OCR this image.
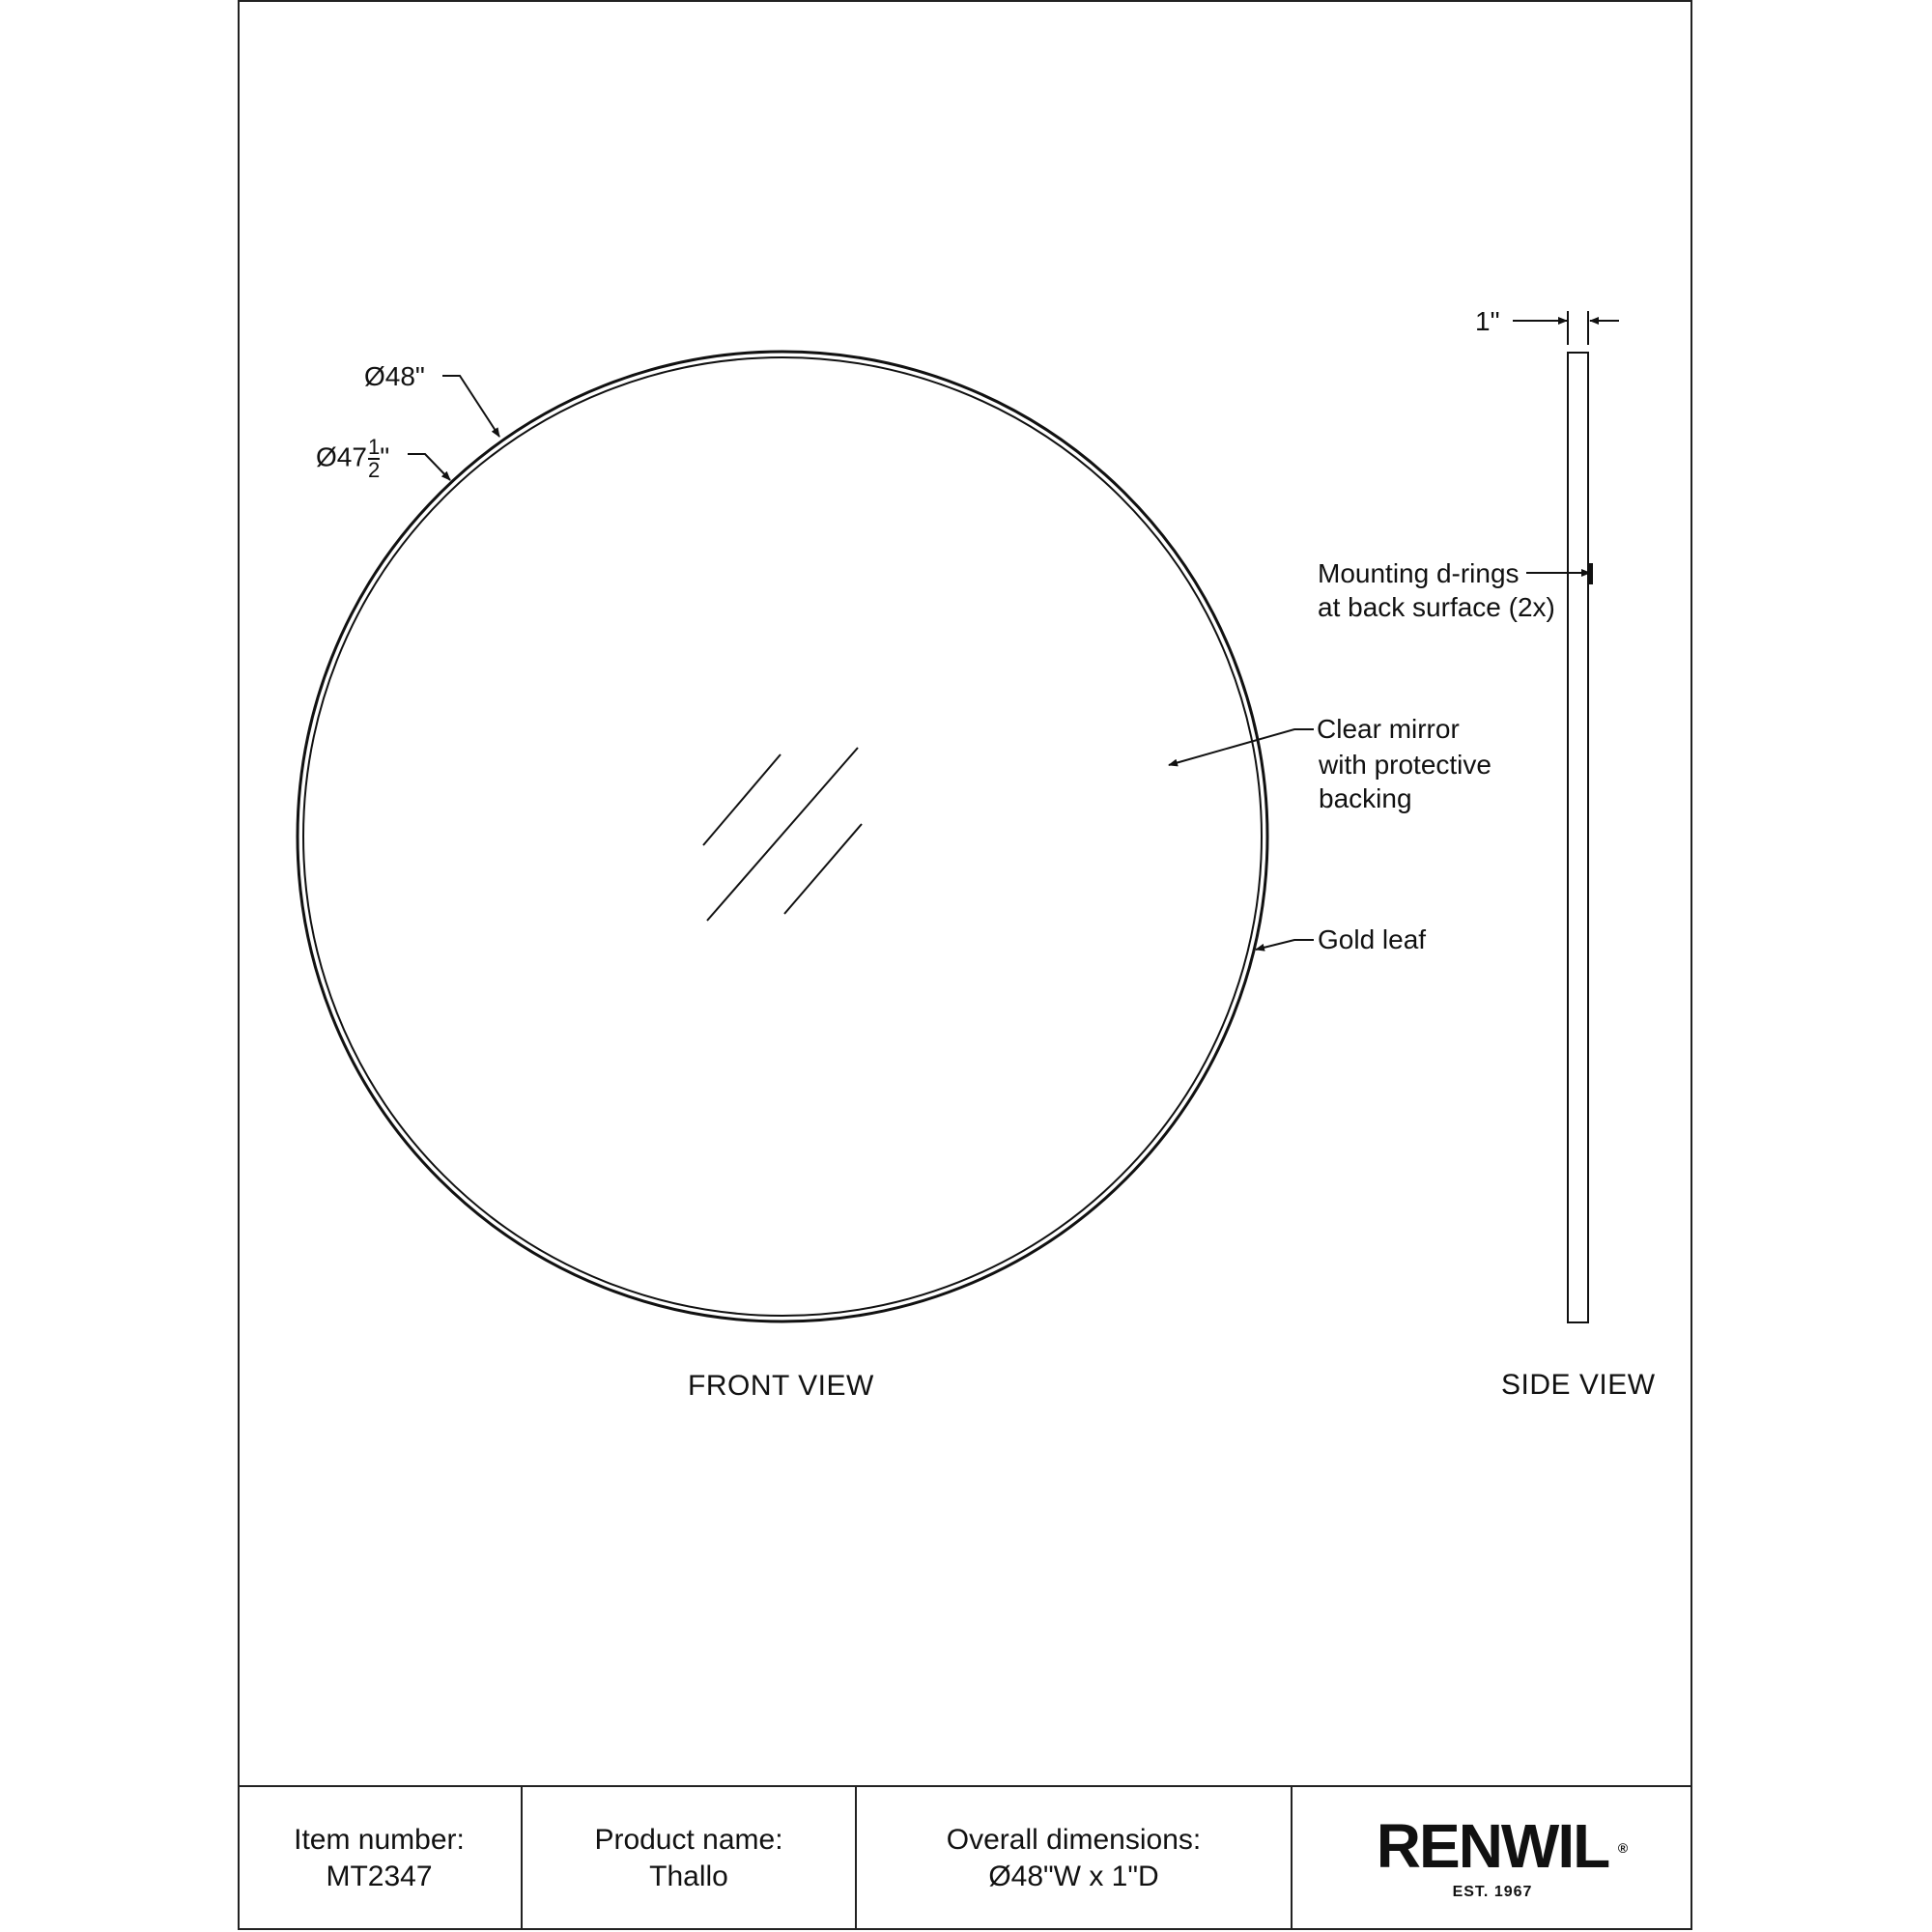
Ø48"
Ø47 $\frac{1}{2}$ "
Clear mirror
with protective
backing
Gold leaf
FRONT VIEW
1"
Mounting d-rings
at back surface (2x)
SIDE VIEW
Item number:
MT2347
Product name:
Thallo
Overall dimensions:
Ø48"W x 1"D	RENWIL ®
EST. 1967
